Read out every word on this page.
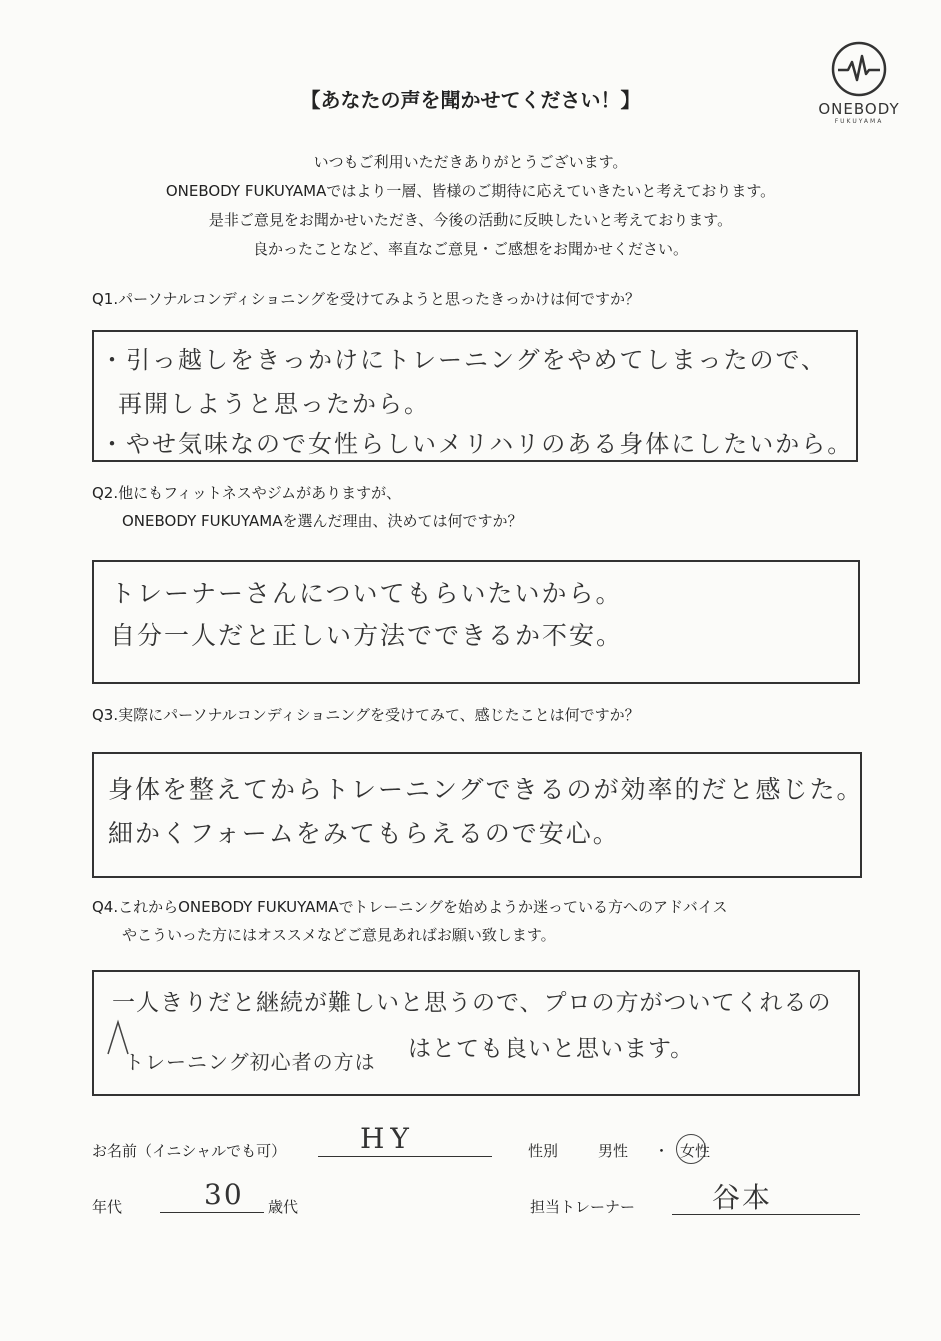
ONEBODY
FUKUYAMA
【あなたの声を聞かせてください！】
いつもご利用いただきありがとうございます。
ONEBODY FUKUYAMAではより一層、皆様のご期待に応えていきたいと考えております。
是非ご意見をお聞かせいただき、今後の活動に反映したいと考えております。
良かったことなど、率直なご意見・ご感想をお聞かせください。
Q1.パーソナルコンディショニングを受けてみようと思ったきっかけは何ですか？
・引っ越しをきっかけにトレーニングをやめてしまったので、
再開しようと思ったから。
・やせ気味なので女性らしいメリハリのある身体にしたいから。
Q2.他にもフィットネスやジムがありますが、
ONEBODY FUKUYAMAを選んだ理由、決めては何ですか？
トレーナーさんについてもらいたいから。
自分一人だと正しい方法でできるか不安。
Q3.実際にパーソナルコンディショニングを受けてみて、感じたことは何ですか？
身体を整えてからトレーニングできるのが効率的だと感じた。
細かくフォームをみてもらえるので安心。
Q4.これからONEBODY FUKUYAMAでトレーニングを始めようか迷っている方へのアドバイス
やこういった方にはオススメなどご意見あればお願い致します。
一人きりだと継続が難しいと思うので、プロの方がついてくれるの
トレーニング初心者の方は はとても良いと思います。
お名前（イニシャルでも可）	HY	性別	男性 ・ 女性
年代	30 歳代	担当トレーナー	谷本
